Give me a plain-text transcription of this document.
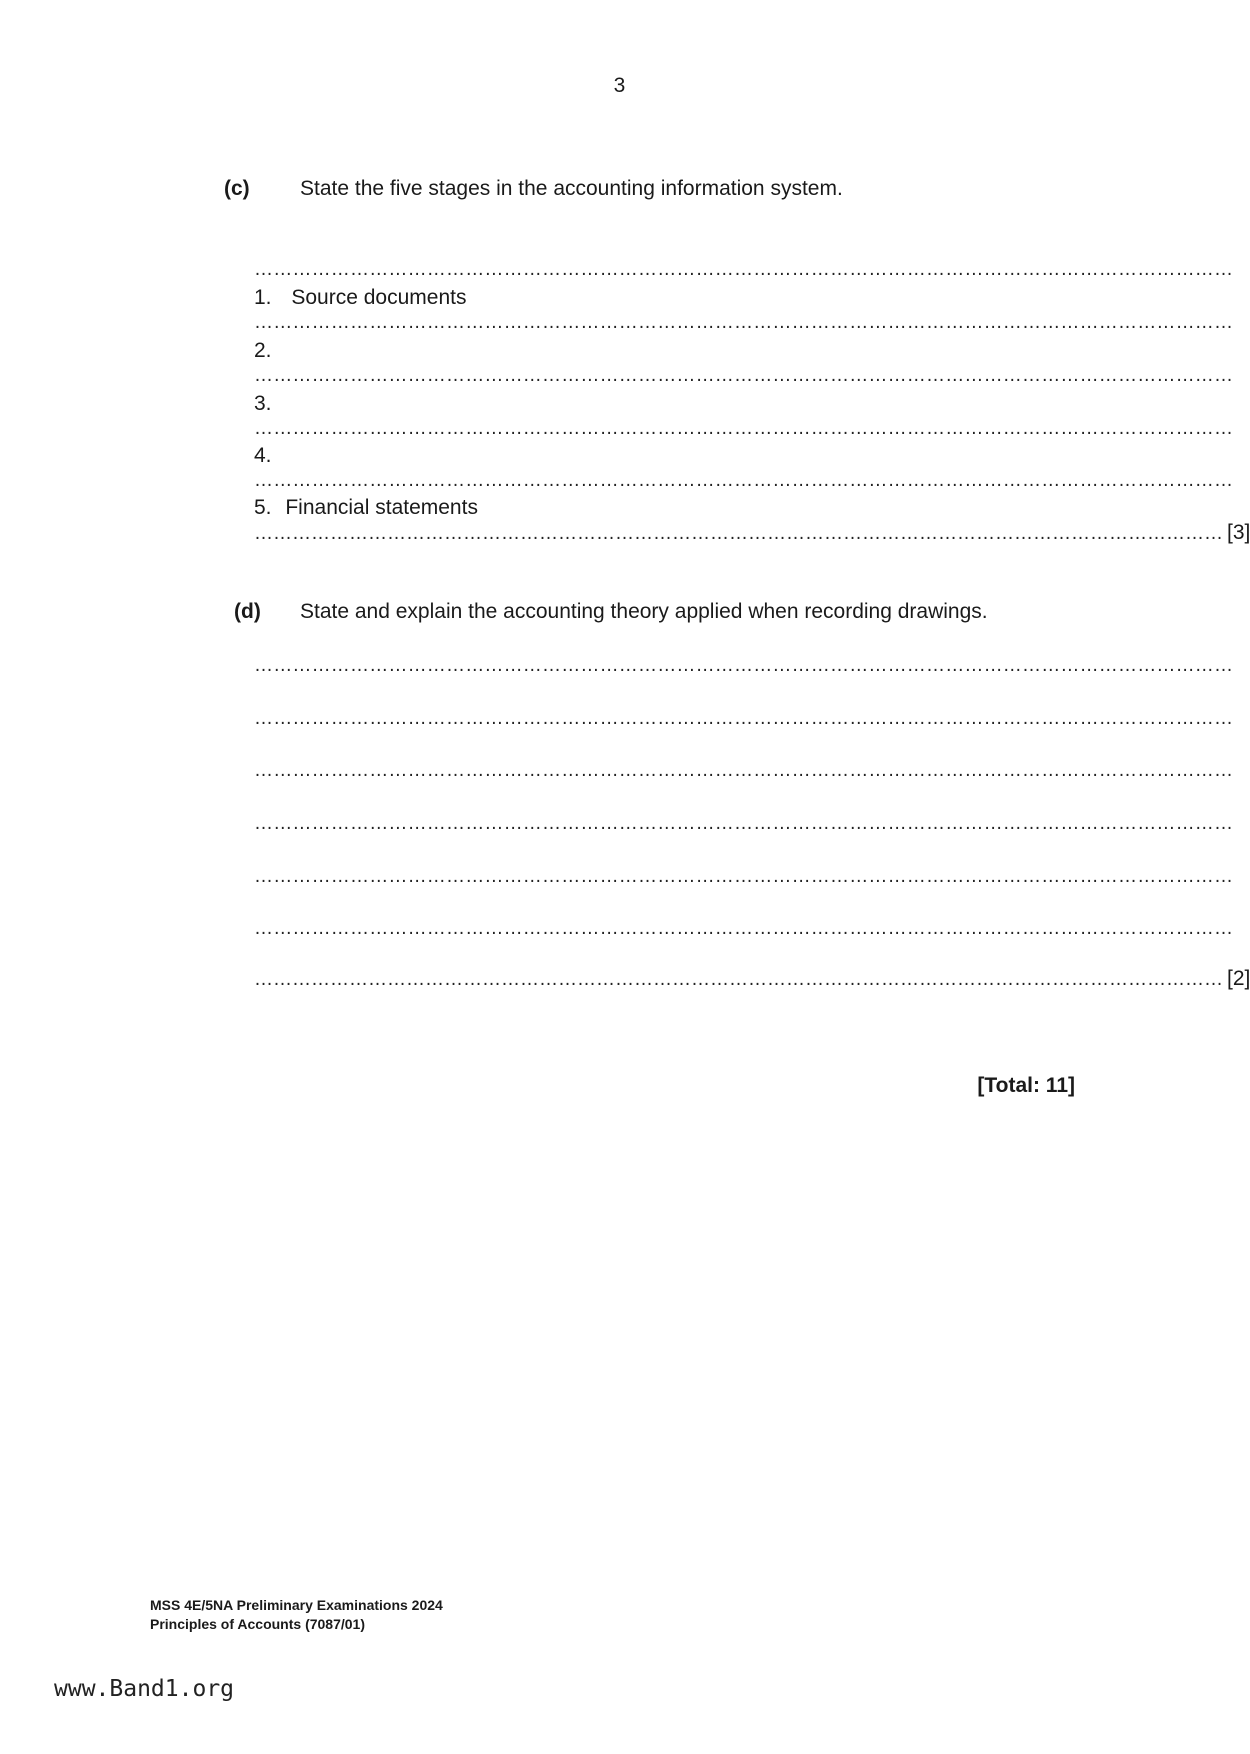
3
(c) State the five stages in the accounting information system.
………………………………………………………………………………………………………………………………………
1. Source documents
………………………………………………………………………………………………………………………………………
2.
………………………………………………………………………………………………………………………………………
3.
………………………………………………………………………………………………………………………………………
4.
………………………………………………………………………………………………………………………………………
5. Financial statements
……………………………………………………………………………………………………………………………………… [3]
(d) State and explain the accounting theory applied when recording drawings.
………………………………………………………………………………………………………………………………………
………………………………………………………………………………………………………………………………………
………………………………………………………………………………………………………………………………………
………………………………………………………………………………………………………………………………………
………………………………………………………………………………………………………………………………………
………………………………………………………………………………………………………………………………………
……………………………………………………………………………………………………………………………………… [2]
[Total: 11]
MSS 4E/5NA Preliminary Examinations 2024
Principles of Accounts (7087/01)
www.Band1.org
